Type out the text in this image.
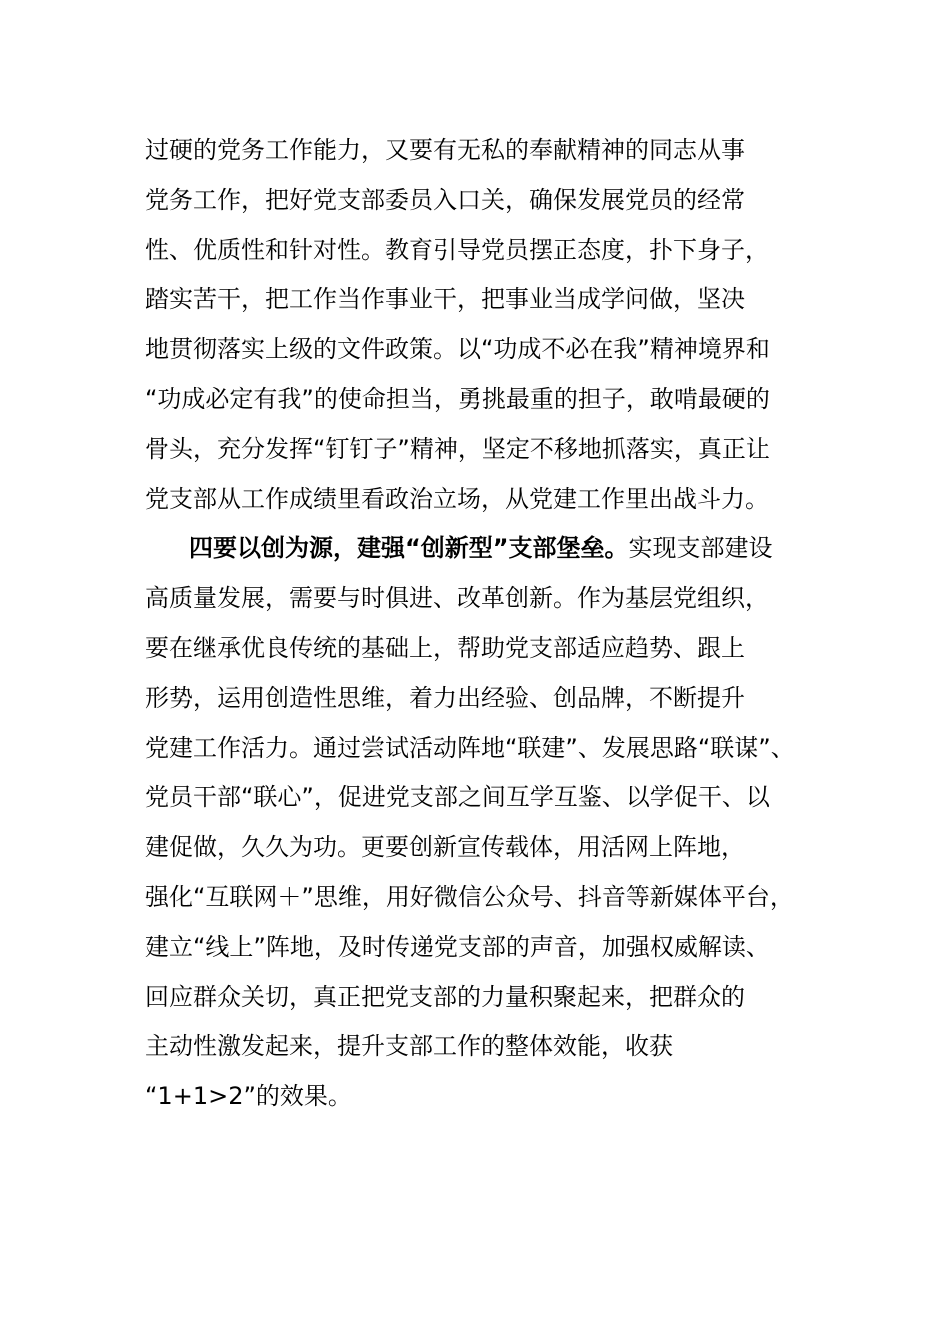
过硬的党务工作能力，又要有无私的奉献精神的同志从事
党务工作，把好党支部委员入口关，确保发展党员的经常
性、优质性和针对性。教育引导党员摆正态度，扑下身子，
踏实苦干，把工作当作事业干，把事业当成学问做，坚决
地贯彻落实上级的文件政策。以“功成不必在我”精神境界和
“功成必定有我”的使命担当，勇挑最重的担子，敢啃最硬的
骨头，充分发挥“钉钉子”精神，坚定不移地抓落实，真正让
党支部从工作成绩里看政治立场，从党建工作里出战斗力。
四要以创为源，建强“创新型”支部堡垒。实现支部建设
高质量发展，需要与时俱进、改革创新。作为基层党组织，
要在继承优良传统的基础上，帮助党支部适应趋势、跟上
形势，运用创造性思维，着力出经验、创品牌，不断提升
党建工作活力。通过尝试活动阵地“联建”、发展思路“联谋”、
党员干部“联心”，促进党支部之间互学互鉴、以学促干、以
建促做，久久为功。更要创新宣传载体，用活网上阵地，
强化“互联网＋”思维，用好微信公众号、抖音等新媒体平台，
建立“线上”阵地，及时传递党支部的声音，加强权威解读、
回应群众关切，真正把党支部的力量积聚起来，把群众的
主动性激发起来，提升支部工作的整体效能，收获
“1+1>2”的效果。
